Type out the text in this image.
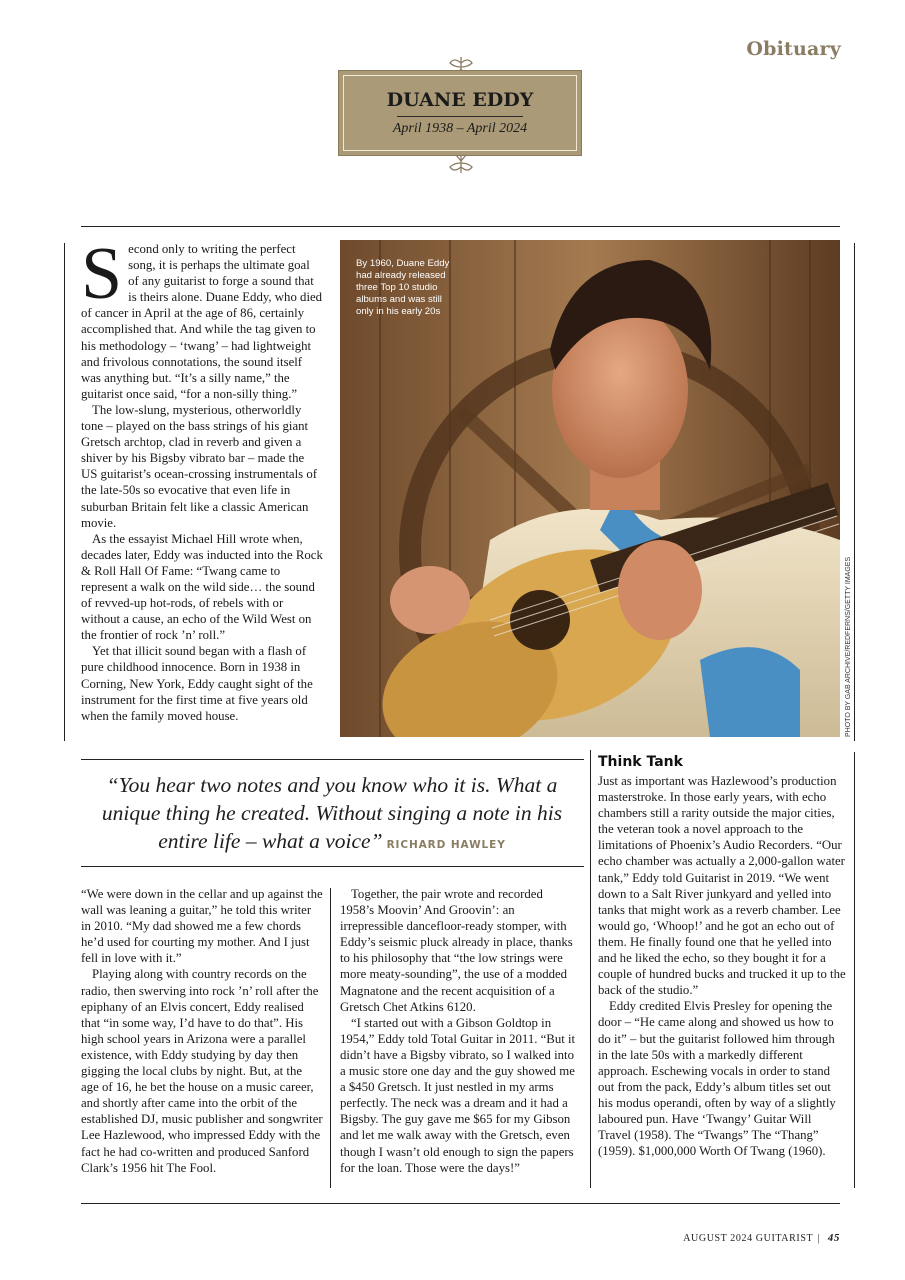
Obituary
DUANE EDDY
April 1938 – April 2024

Second only to writing the perfect song, it is perhaps the ultimate goal of any guitarist to forge a sound that is theirs alone. Duane Eddy, who died of cancer in April at the age of 86, certainly accomplished that. And while the tag given to his methodology – ‘twang’ – had lightweight and frivolous connotations, the sound itself was anything but. “It’s a silly name,” the guitarist once said, “for a non-silly thing.”

The low-slung, mysterious, otherworldly tone – played on the bass strings of his giant Gretsch archtop, clad in reverb and given a shiver by his Bigsby vibrato bar – made the US guitarist’s ocean-crossing instrumentals of the late-50s so evocative that even life in suburban Britain felt like a classic American movie.

As the essayist Michael Hill wrote when, decades later, Eddy was inducted into the Rock & Roll Hall Of Fame: “Twang came to represent a walk on the wild side… the sound of revved-up hot-rods, of rebels with or without a cause, an echo of the Wild West on the frontier of rock ’n’ roll.”

Yet that illicit sound began with a flash of pure childhood innocence. Born in 1938 in Corning, New York, Eddy caught sight of the instrument for the first time at five years old when the family moved house.

By 1960, Duane Eddy had already released three Top 10 studio albums and was still only in his early 20s
PHOTO BY GAB ARCHIVE/REDFERNS/GETTY IMAGES
“You hear two notes and you know who it is. What a unique thing he created. Without singing a note in his entire life – what a voice” RICHARD HAWLEY

“We were down in the cellar and up against the wall was leaning a guitar,” he told this writer in 2010. “My dad showed me a few chords he’d used for courting my mother. And I just fell in love with it.”

Playing along with country records on the radio, then swerving into rock ’n’ roll after the epiphany of an Elvis concert, Eddy realised that “in some way, I’d have to do that”. His high school years in Arizona were a parallel existence, with Eddy studying by day then gigging the local clubs by night. But, at the age of 16, he bet the house on a music career, and shortly after came into the orbit of the established DJ, music publisher and songwriter Lee Hazlewood, who impressed Eddy with the fact he had co-written and produced Sanford Clark’s 1956 hit The Fool.

Together, the pair wrote and recorded 1958’s Moovin’ And Groovin’: an irrepressible dancefloor-ready stomper, with Eddy’s seismic pluck already in place, thanks to his philosophy that “the low strings were more meaty-sounding”, the use of a modded Magnatone and the recent acquisition of a Gretsch Chet Atkins 6120.

“I started out with a Gibson Goldtop in 1954,” Eddy told Total Guitar in 2011. “But it didn’t have a Bigsby vibrato, so I walked into a music store one day and the guy showed me a $450 Gretsch. It just nestled in my arms perfectly. The neck was a dream and it had a Bigsby. The guy gave me $65 for my Gibson and let me walk away with the Gretsch, even though I wasn’t old enough to sign the papers for the loan. Those were the days!”

Think Tank

Just as important was Hazlewood’s production masterstroke. In those early years, with echo chambers still a rarity outside the major cities, the veteran took a novel approach to the limitations of Phoenix’s Audio Recorders. “Our echo chamber was actually a 2,000-gallon water tank,” Eddy told Guitarist in 2019. “We went down to a Salt River junkyard and yelled into tanks that might work as a reverb chamber. Lee would go, ‘Whoop!’ and he got an echo out of them. He finally found one that he yelled into and he liked the echo, so they bought it for a couple of hundred bucks and trucked it up to the back of the studio.”

Eddy credited Elvis Presley for opening the door – “He came along and showed us how to do it” – but the guitarist followed him through in the late 50s with a markedly different approach. Eschewing vocals in order to stand out from the pack, Eddy’s album titles set out his modus operandi, often by way of a slightly laboured pun. Have ‘Twangy’ Guitar Will Travel (1958). The “Twangs” The “Thang” (1959). $1,000,000 Worth Of Twang (1960).

AUGUST 2024 GUITARIST | 45
